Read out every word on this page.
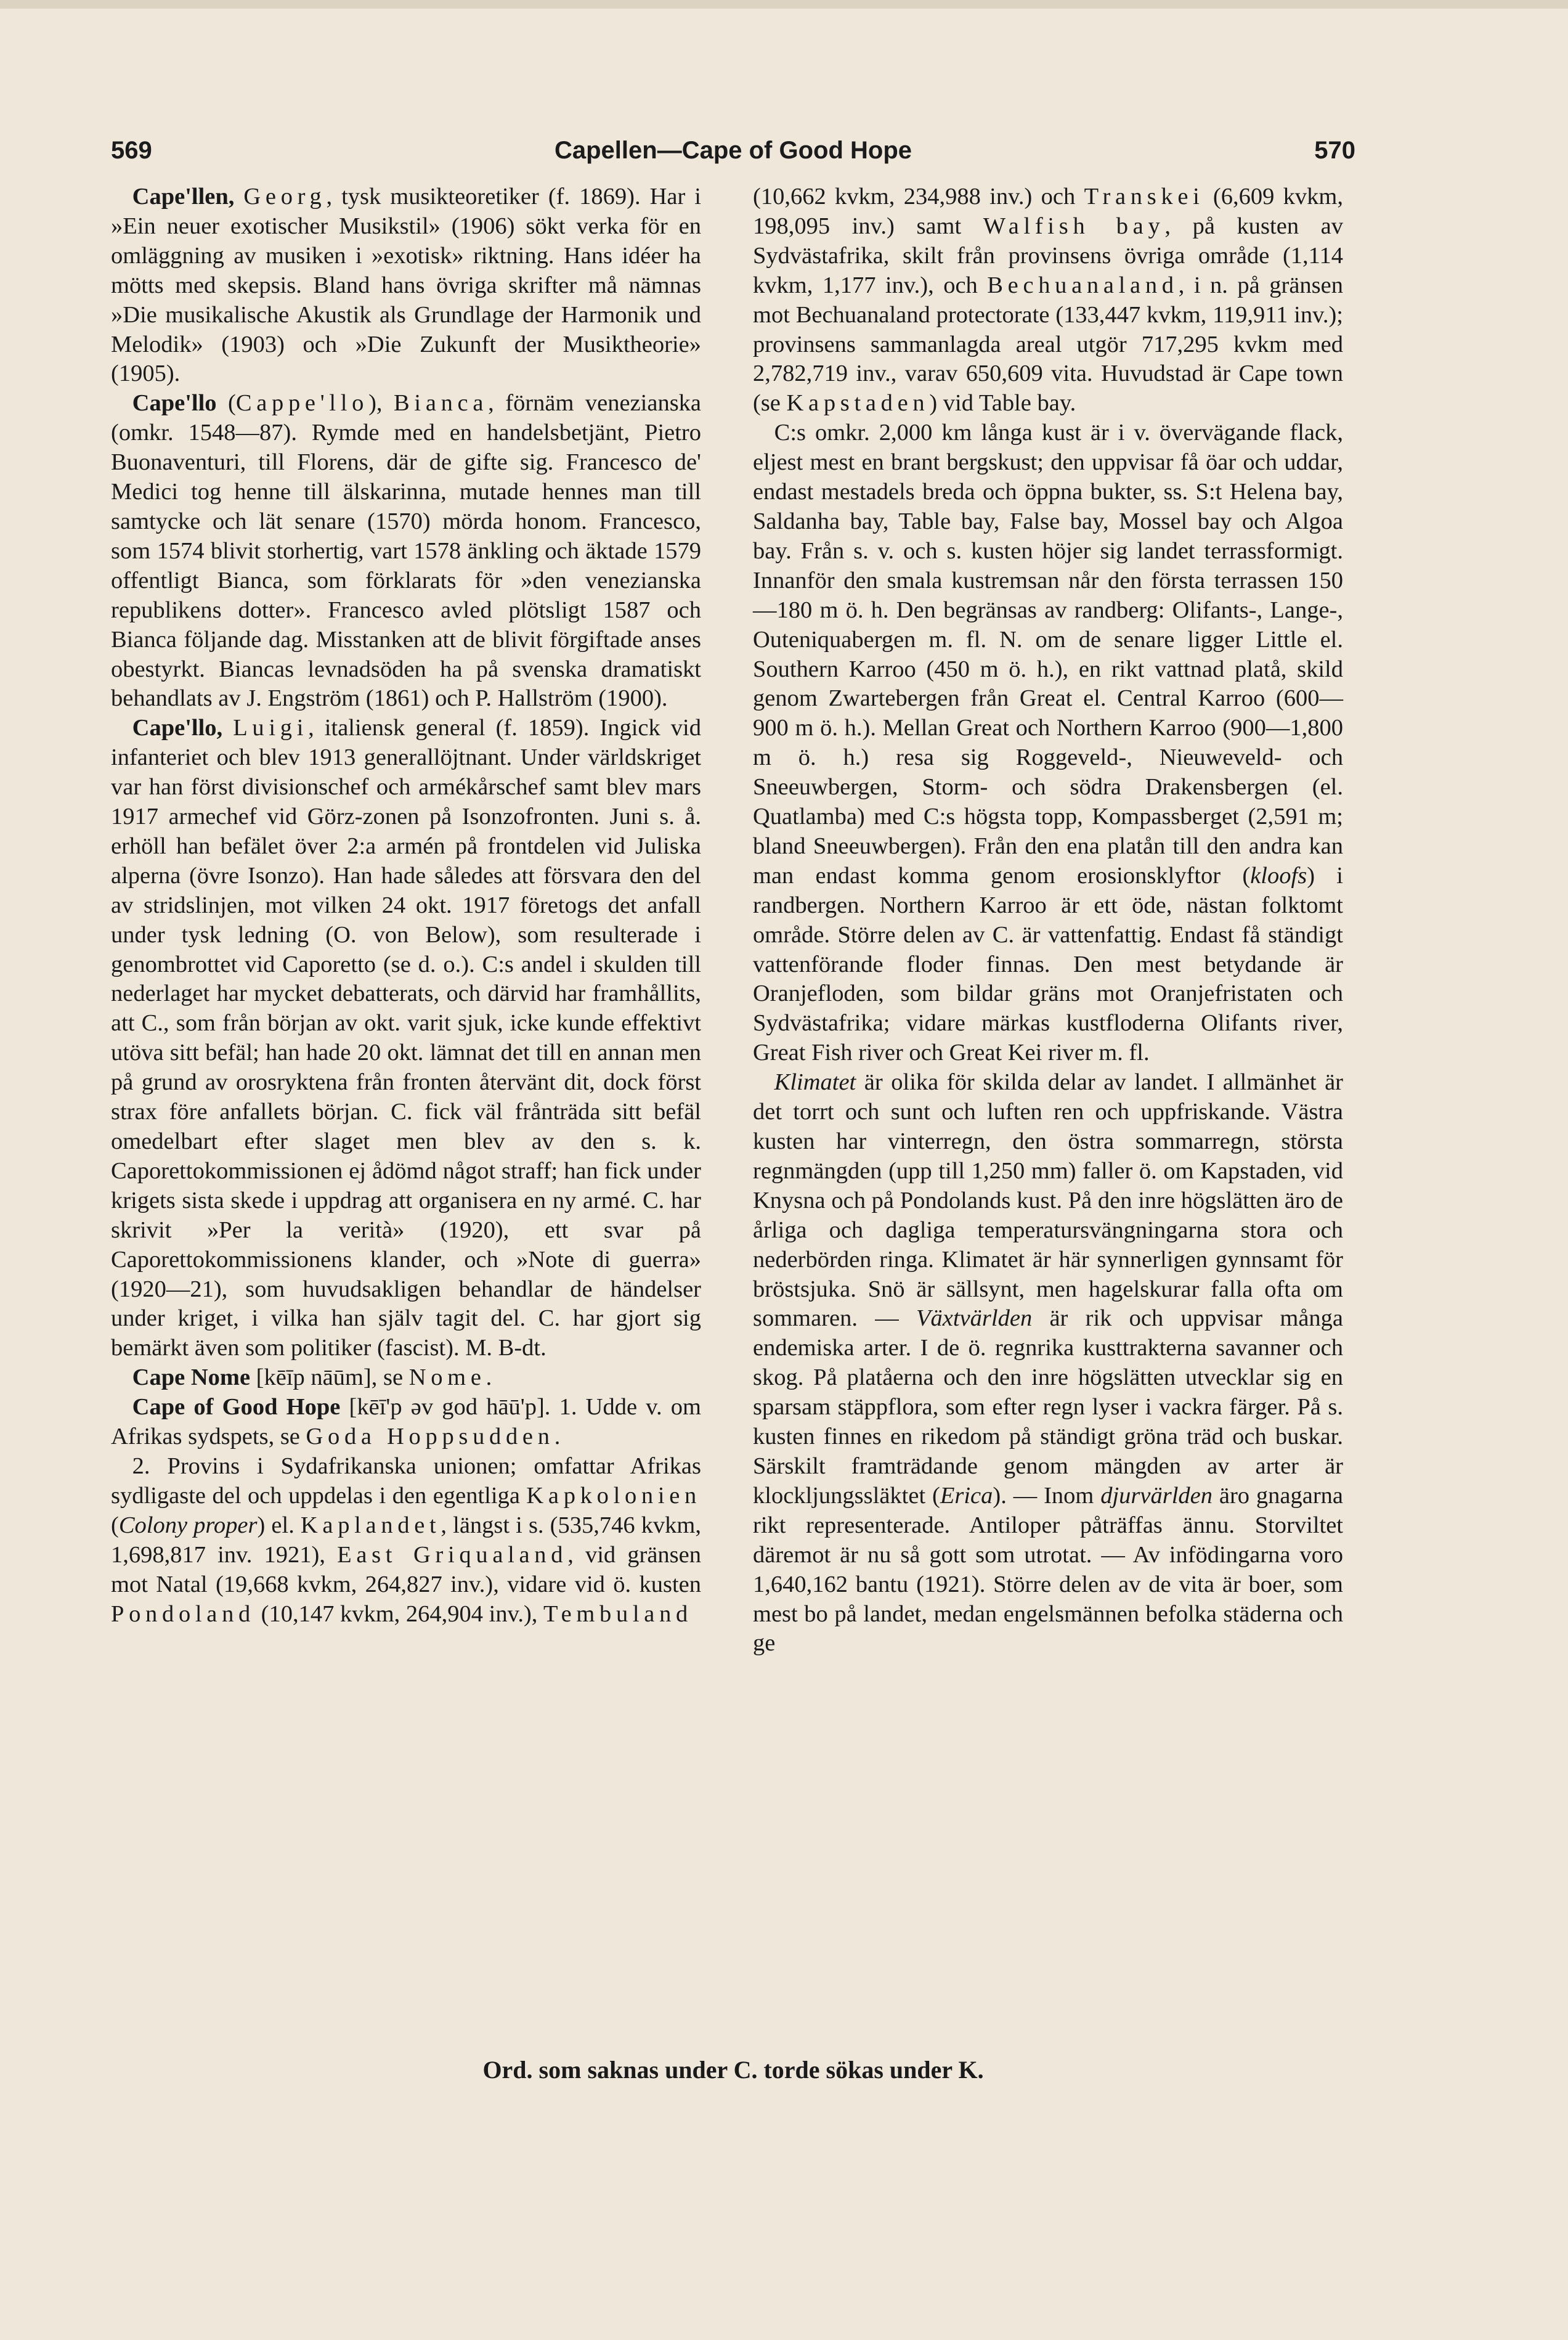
569	Capellen—Cape of Good Hope	570

Cape'llen, Georg, tysk musikteoretiker (f. 1869). Har i »Ein neuer exotischer Musikstil» (1906) sökt verka för en omläggning av musiken i »exotisk» riktning. Hans idéer ha mötts med skepsis. Bland hans övriga skrifter må nämnas »Die musikalische Akustik als Grundlage der Harmonik und Melodik» (1903) och »Die Zukunft der Musiktheorie» (1905).

Cape'llo (Cappe'llo), Bianca, förnäm venezianska (omkr. 1548—87). Rymde med en handelsbetjänt, Pietro Buonaventuri, till Florens, där de gifte sig. Francesco de' Medici tog henne till älskarinna, mutade hennes man till samtycke och lät senare (1570) mörda honom. Francesco, som 1574 blivit storhertig, vart 1578 änkling och äktade 1579 offentligt Bianca, som förklarats för »den venezianska republikens dotter». Francesco avled plötsligt 1587 och Bianca följande dag. Misstanken att de blivit förgiftade anses obestyrkt. Biancas levnadsöden ha på svenska dramatiskt behandlats av J. Engström (1861) och P. Hallström (1900).

Cape'llo, Luigi, italiensk general (f. 1859). Ingick vid infanteriet och blev 1913 generallöjtnant. Under världskriget var han först divisionschef och armékårschef samt blev mars 1917 armechef vid Görz-zonen på Isonzofronten. Juni s. å. erhöll han befälet över 2:a armén på frontdelen vid Juliska alperna (övre Isonzo). Han hade således att försvara den del av stridslinjen, mot vilken 24 okt. 1917 företogs det anfall under tysk ledning (O. von Below), som resulterade i genombrottet vid Caporetto (se d. o.). C:s andel i skulden till nederlaget har mycket debatterats, och därvid har framhållits, att C., som från början av okt. varit sjuk, icke kunde effektivt utöva sitt befäl; han hade 20 okt. lämnat det till en annan men på grund av orosryktena från fronten återvänt dit, dock först strax före anfallets början. C. fick väl frånträda sitt befäl omedelbart efter slaget men blev av den s. k. Caporettokommissionen ej ådömd något straff; han fick under krigets sista skede i uppdrag att organisera en ny armé. C. har skrivit »Per la verità» (1920), ett svar på Caporettokommissionens klander, och »Note di guerra» (1920—21), som huvudsakligen behandlar de händelser under kriget, i vilka han själv tagit del. C. har gjort sig bemärkt även som politiker (fascist). M. B-dt.

Cape Nome [kēīp nāūm], se Nome.

Cape of Good Hope [kēī'p əv god hāū'p]. 1. Udde v. om Afrikas sydspets, se Goda Hoppsudden.

2. Provins i Sydafrikanska unionen; omfattar Afrikas sydligaste del och uppdelas i den egentliga Kapkolonien (Colony proper) el. Kaplandet, längst i s. (535,746 kvkm, 1,698,817 inv. 1921), East Griqualand, vid gränsen mot Natal (19,668 kvkm, 264,827 inv.), vidare vid ö. kusten Pondoland (10,147 kvkm, 264,904 inv.), Tembuland

(10,662 kvkm, 234,988 inv.) och Transkei (6,609 kvkm, 198,095 inv.) samt Walfish bay, på kusten av Sydvästafrika, skilt från provinsens övriga område (1,114 kvkm, 1,177 inv.), och Bechuanaland, i n. på gränsen mot Bechuanaland protectorate (133,447 kvkm, 119,911 inv.); provinsens sammanlagda areal utgör 717,295 kvkm med 2,782,719 inv., varav 650,609 vita. Huvudstad är Cape town (se Kapstaden) vid Table bay.

C:s omkr. 2,000 km långa kust är i v. övervägande flack, eljest mest en brant bergskust; den uppvisar få öar och uddar, endast mestadels breda och öppna bukter, ss. S:t Helena bay, Saldanha bay, Table bay, False bay, Mossel bay och Algoa bay. Från s. v. och s. kusten höjer sig landet terrassformigt. Innanför den smala kustremsan når den första terrassen 150 —180 m ö. h. Den begränsas av randberg: Olifants-, Lange-, Outeniquabergen m. fl. N. om de senare ligger Little el. Southern Karroo (450 m ö. h.), en rikt vattnad platå, skild genom Zwartebergen från Great el. Central Karroo (600—900 m ö. h.). Mellan Great och Northern Karroo (900—1,800 m ö. h.) resa sig Roggeveld-, Nieuweveld- och Sneeuwbergen, Storm- och södra Drakensbergen (el. Quatlamba) med C:s högsta topp, Kompassberget (2,591 m; bland Sneeuwbergen). Från den ena platån till den andra kan man endast komma genom erosionsklyftor (kloofs) i randbergen. Northern Karroo är ett öde, nästan folktomt område. Större delen av C. är vattenfattig. Endast få ständigt vattenförande floder finnas. Den mest betydande är Oranjefloden, som bildar gräns mot Oranjefristaten och Sydvästafrika; vidare märkas kustfloderna Olifants river, Great Fish river och Great Kei river m. fl.

Klimatet är olika för skilda delar av landet. I allmänhet är det torrt och sunt och luften ren och uppfriskande. Västra kusten har vinterregn, den östra sommarregn, största regnmängden (upp till 1,250 mm) faller ö. om Kapstaden, vid Knysna och på Pondolands kust. På den inre högslätten äro de årliga och dagliga temperatursvängningarna stora och nederbörden ringa. Klimatet är här synnerligen gynnsamt för bröstsjuka. Snö är sällsynt, men hagelskurar falla ofta om sommaren. — Växtvärlden är rik och uppvisar många endemiska arter. I de ö. regnrika kusttrakterna savanner och skog. På platåerna och den inre högslätten utvecklar sig en sparsam stäppflora, som efter regn lyser i vackra färger. På s. kusten finnes en rikedom på ständigt gröna träd och buskar. Särskilt framträdande genom mängden av arter är klockljungssläktet (Erica). — Inom djurvärlden äro gnagarna rikt representerade. Antiloper påträffas ännu. Storviltet däremot är nu så gott som utrotat. — Av infödingarna voro 1,640,162 bantu (1921). Större delen av de vita är boer, som mest bo på landet, medan engelsmännen befolka städerna och ge

Ord. som saknas under C. torde sökas under K.
